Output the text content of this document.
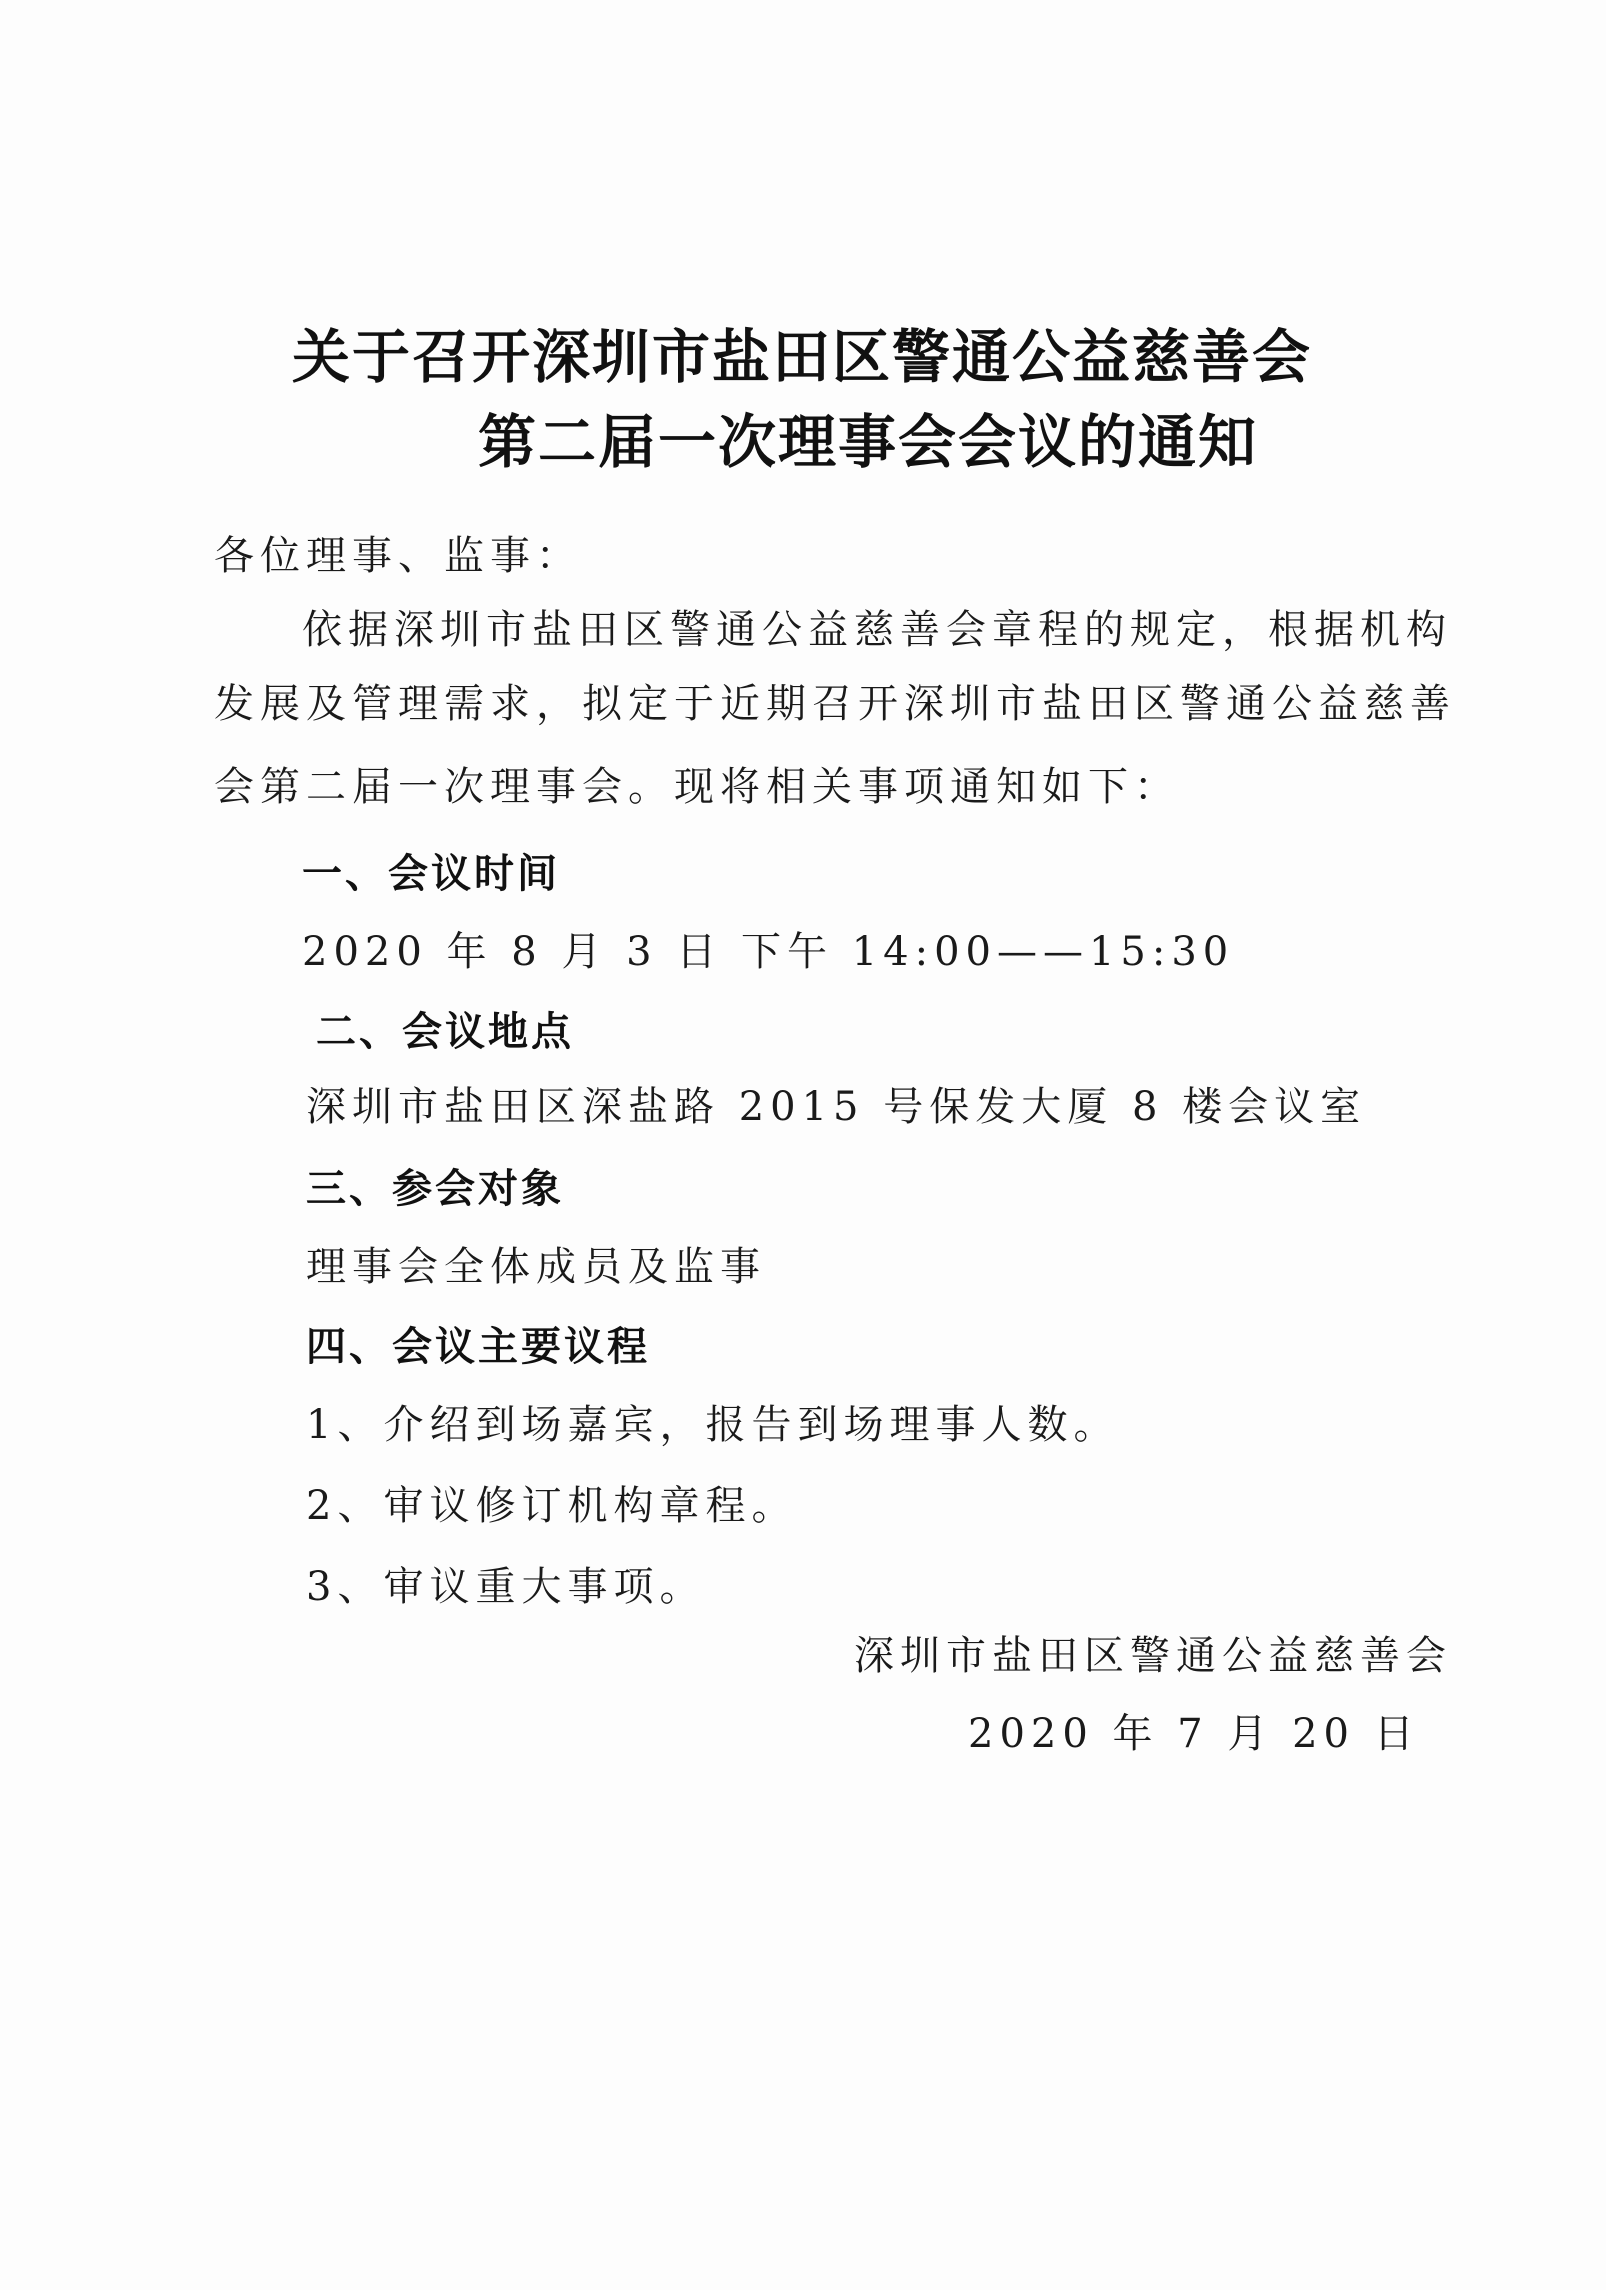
关于召开深圳市盐田区警通公益慈善会
第二届一次理事会会议的通知
各位理事、监事：
依据深圳市盐田区警通公益慈善会章程的规定，根据机构
发展及管理需求，拟定于近期召开深圳市盐田区警通公益慈善
会第二届一次理事会。现将相关事项通知如下：
一、会议时间
2020 年 8 月 3 日 下午 14:00——15:30
二、会议地点
深圳市盐田区深盐路 2015 号保发大厦 8 楼会议室
三、参会对象
理事会全体成员及监事
四、会议主要议程
1、介绍到场嘉宾，报告到场理事人数。
2、审议修订机构章程。
3、审议重大事项。
深圳市盐田区警通公益慈善会
2020 年 7 月 20 日
